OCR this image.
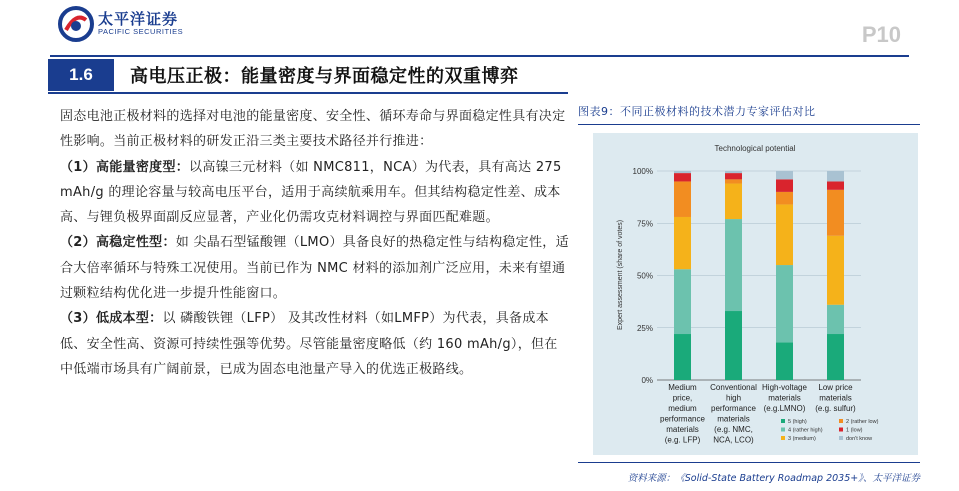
太平洋证券
PACIFIC SECURITIES	P10
1.6	高电压正极：能量密度与界面稳定性的双重博弈

固态电池正极材料的选择对电池的能量密度、安全性、循环寿命与界面稳定性具有决定性影响。当前正极材料的研发正沿三类主要技术路径并行推进：

（1）高能量密度型：以高镍三元材料（如 NMC811，NCA）为代表，具有高达 275 mAh/g 的理论容量与较高电压平台，适用于高续航乘用车。但其结构稳定性差、成本高、与锂负极界面副反应显著，产业化仍需攻克材料调控与界面匹配难题。

（2）高稳定性型：如 尖晶石型锰酸锂（LMO）具备良好的热稳定性与结构稳定性，适合大倍率循环与特殊工况使用。当前已作为 NMC 材料的添加剂广泛应用，未来有望通过颗粒结构优化进一步提升性能窗口。

（3）低成本型：以 磷酸铁锂（LFP） 及其改性材料（如LMFP）为代表，具备成本低、安全性高、资源可持续性强等优势。尽管能量密度略低（约 160 mAh/g），但在中低端市场具有广阔前景，已成为固态电池量产导入的优选正极路线。

图表9：不同正极材料的技术潜力专家评估对比
Technological potential
Expert assessment (share of votes)
0%
25%
50%
75%
100%
Medium price, medium performance materials (e.g. LFP)
Conventional high performance materials (e.g. NMC, NCA, LCO)
High-voltage materials (e.g.LMNO)
Low price materials (e.g. sulfur)
5 (high)
4 (rather high)
3 (medium)
2 (rather low)
1 (low)
don't know
资料来源：《Solid-State Battery Roadmap 2035+》、太平洋证券
